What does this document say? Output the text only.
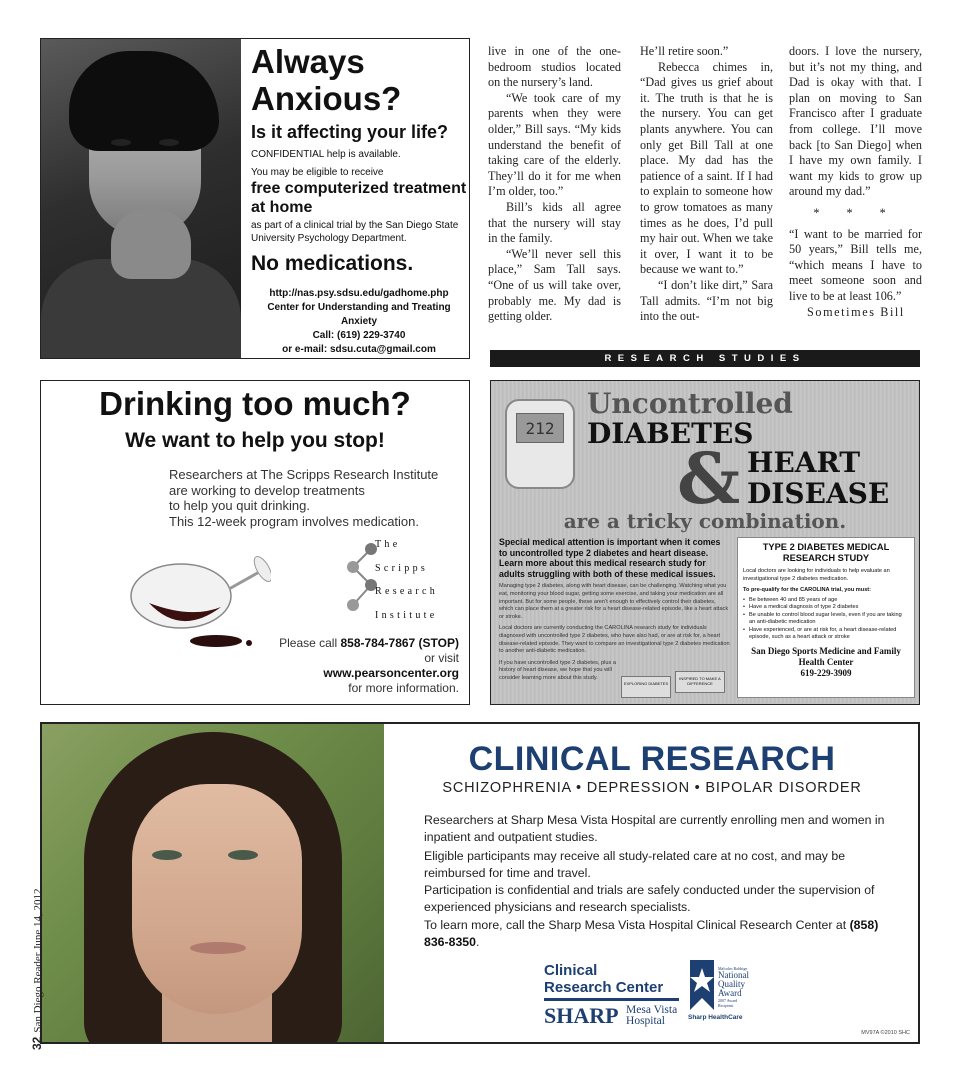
Always Anxious?
Is it affecting your life?
CONFIDENTIAL help is available.
You may be eligible to receive
free computerized treatment at home
as part of a clinical trial by the San Diego State University Psychology Department.
No medications.
http://nas.psy.sdsu.edu/gadhome.php
Center for Understanding and Treating Anxiety
Call: (619) 229-3740
or e-mail: sdsu.cuta@gmail.com

live in one of the one-bedroom studios located on the nursery’s land.

“We took care of my parents when they were older,” Bill says. “My kids understand the benefit of taking care of the elderly. They’ll do it for me when I’m older, too.”

Bill’s kids all agree that the nursery will stay in the family.

“We’ll never sell this place,” Sam Tall says. “One of us will take over, probably me. My dad is getting older.

He’ll retire soon.”

Rebecca chimes in, “Dad gives us grief about it. The truth is that he is the nursery. You can get plants anywhere. You can only get Bill Tall at one place. My dad has the patience of a saint. If I had to explain to someone how to grow tomatoes as many times as he does, I’d pull my hair out. When we take it over, I want it to be because we want to.”

“I don’t like dirt,” Sara Tall admits. “I’m not big into the out-

doors. I love the nursery, but it’s not my thing, and Dad is okay with that. I plan on moving to San Francisco after I graduate from college. I’ll move back [to San Diego] when I have my own family. I want my kids to grow up around my dad.”

* * *

“I want to be married for 50 years,” Bill tells me, “which means I have to meet someone soon and live to be at least 106.”

Sometimes Bill

RESEARCH STUDIES
Drinking too much?
We want to help you stop!
Researchers at The Scripps Research Institute
are working to develop treatments
to help you quit drinking.
This 12-week program involves medication.
The
Scripps
Research
Institute
Please call 858-784-7867 (STOP)
or visit
www.pearsoncenter.org
for more information.
212
Uncontrolled
DIABETES
& HEART
DISEASE
are a tricky combination.
Special medical attention is important when it comes to uncontrolled type 2 diabetes and heart disease. Learn more about this medical research study for adults struggling with both of these medical issues.
Managing type 2 diabetes, along with heart disease, can be challenging. Watching what you eat, monitoring your blood sugar, getting some exercise, and taking your medication are all important. But for some people, these aren’t enough to effectively control their diabetes, which can place them at a greater risk for a heart disease-related episode, like a heart attack or stroke.
Local doctors are currently conducting the CAROLINA research study for individuals diagnosed with uncontrolled type 2 diabetes, who have also had, or are at risk for, a heart disease-related episode. They want to compare an investigational type 2 diabetes medication to another anti-diabetic medication.
If you have uncontrolled type 2 diabetes, plus a history of heart disease, we hope that you will consider learning more about this study.
EXPLORING DIABETESINSPIRED TO MAKE A DIFFERENCE
TYPE 2 DIABETES MEDICAL RESEARCH STUDY
Local doctors are looking for individuals to help evaluate an investigational type 2 diabetes medication.
To pre-qualify for the CAROLINA trial, you must:
• Be between 40 and 85 years of age
• Have a medical diagnosis of type 2 diabetes
• Be unable to control blood sugar levels, even if you are taking an anti-diabetic medication
• Have experienced, or are at risk for, a heart disease-related episode, such as a heart attack or stroke
San Diego Sports Medicine and Family Health Center
619-229-3909
CLINICAL RESEARCH
SCHIZOPHRENIA • DEPRESSION • BIPOLAR DISORDER
Researchers at Sharp Mesa Vista Hospital are currently enrolling men and women in inpatient and outpatient studies.
Eligible participants may receive all study-related care at no cost, and may be reimbursed for time and travel.
Participation is confidential and trials are safely conducted under the supervision of experienced physicians and research specialists.
To learn more, call the Sharp Mesa Vista Hospital Clinical Research Center at (858) 836-8350.
Clinical
Research Center
SHARP Mesa Vista
Hospital
Malcolm Baldrige
National
Quality
Award
2007 Award
Recipient
Sharp HealthCare
MV97A ©2010 SHC
32San Diego Reader June 14, 2012
